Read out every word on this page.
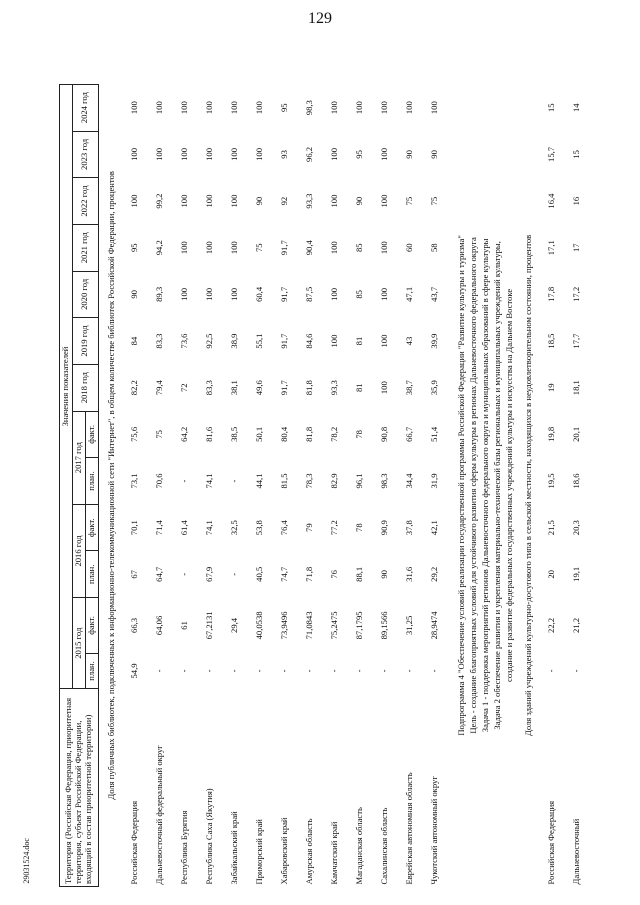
129
29031524.doc	Территория (Российская Федерация, приоритетная территория, субъект Российской Федерации, входящий в состав приоритетной территории)	Значения показателей												
	2015 год		2016 год		2017 год		2018 год	2019 год	2020 год	2021 год	2022 год	2023 год	2024 год
	план.	факт.	план.	факт.	план.	факт.							
Доля публичных библиотек, подключенных к информационно-телекоммуникационной сети "Интернет", в общем количестве библиотек Российской Федерации, процентов													
Российская Федерация	54,9	66,3	67	70,1	73,1	75,6	82,2	84	90	95	100	100	100
Дальневосточный федеральный округ	-	64,06	64,7	71,4	70,6	75	79,4	83,3	89,3	94,2	99,2	100	100
Республика Бурятия	-	61	-	61,4	-	64,2	72	73,6	100	100	100	100	100
Республика Саха (Якутия)	-	67,2131	67,9	74,1	74,1	81,6	83,3	92,5	100	100	100	100	100
Забайкальский край	-	29,4	-	32,5	-	38,5	38,1	38,9	100	100	100	100	100
Приморский край	-	40,0538	40,5	53,8	44,1	50,1	49,6	55,1	60,4	75	90	100	100
Хабаровский край	-	73,9496	74,7	76,4	81,5	80,4	91,7	91,7	91,7	91,7	92	93	95
Амурская область	-	71,0843	71,8	79	78,3	81,8	81,8	84,6	87,5	90,4	93,3	96,2	98,3
Камчатский край	-	75,2475	76	77,2	82,9	78,2	93,3	100	100	100	100	100	100
Магаданская область	-	87,1795	88,1	78	96,1	78	81	81	85	85	90	95	100
Сахалинская область	-	89,1566	90	90,9	98,3	90,8	100	100	100	100	100	100	100
Еврейская автономная область	-	31,25	31,6	37,8	34,4	66,7	38,7	43	47,1	60	75	90	100
Чукотский автономный округ	-	28,9474	29,2	42,1	31,9	51,4	35,9	39,9	43,7	58	75	90	100

Подпрограмма 4 "Обеспечение условий реализации государственной программы Российской Федерации "Развитие культуры и туризма"													
Цель - создание благоприятных условий для устойчивого развития сферы культуры в регионах Дальневосточного федерального округа													
Задача 1 - поддержка мероприятий регионов Дальневосточного федерального округа и муниципальных образований в сфере культуры													
Задача 2 обеспечение развития и укрепления материально-технической базы региональных и муниципальных учреждений культуры,													
создание и развитие федеральных государственных учреждений культуры и искусства на Дальнем Востоке													
Доля зданий учреждений культурно-досугового типа в сельской местности, находящихся в неудовлетворительном состоянии, процентов													
Российская Федерация	-	22,2	20	21,5	19,5	19,8	19	18,5	17,8	17,1	16,4	15,7	15
Дальневосточный	-	21,2	19,1	20,3	18,6	20,1	18,1	17,7	17,2	17	16	15	14
